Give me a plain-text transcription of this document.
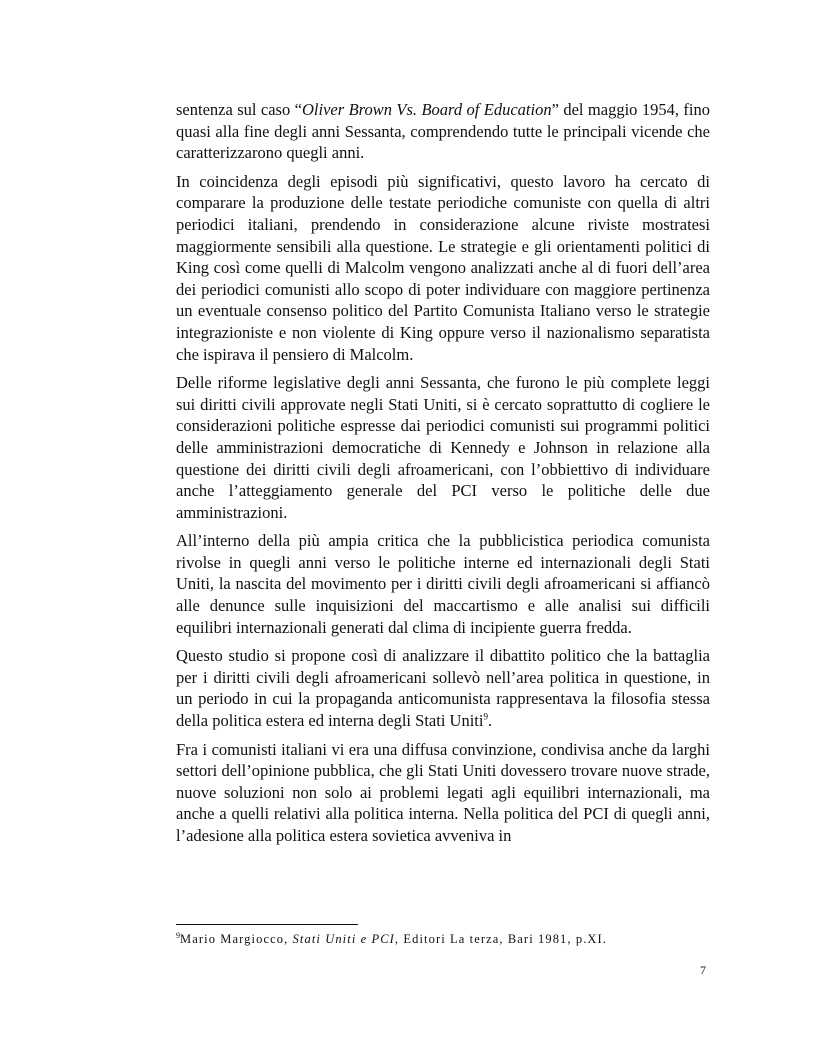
sentenza sul caso “Oliver Brown Vs. Board of Education” del maggio 1954, fino quasi alla fine degli anni Sessanta, comprendendo tutte le principali vicende che caratterizzarono quegli anni.

In coincidenza degli episodi più significativi, questo lavoro ha cercato di comparare la produzione delle testate periodiche comuniste con quella di altri periodici italiani, prendendo in considerazione alcune riviste mostratesi maggiormente sensibili alla questione. Le strategie e gli orientamenti politici di King così come quelli di Malcolm vengono analizzati anche al di fuori dell’area dei periodici comunisti allo scopo di poter individuare con maggiore pertinenza un eventuale consenso politico del Partito Comunista Italiano verso le strategie integrazioniste e non violente di King oppure verso il nazionalismo separatista che ispirava il pensiero di Malcolm.

Delle riforme legislative degli anni Sessanta, che furono le più complete leggi sui diritti civili approvate negli Stati Uniti, si è cercato soprattutto di cogliere le considerazioni politiche espresse dai periodici comunisti sui programmi politici delle amministrazioni democratiche di Kennedy e Johnson in relazione alla questione dei diritti civili degli afroamericani, con l’obbiettivo di individuare anche l’atteggiamento generale del PCI verso le politiche delle due amministrazioni.

All’interno della più ampia critica che la pubblicistica periodica comunista rivolse in quegli anni verso le politiche interne ed internazionali degli Stati Uniti, la nascita del movimento per i diritti civili degli afroamericani si affiancò alle denunce sulle inquisizioni del maccartismo e alle analisi sui difficili equilibri internazionali generati dal clima di incipiente guerra fredda.

Questo studio si propone così di analizzare il dibattito politico che la battaglia per i diritti civili degli afroamericani sollevò nell’area politica in questione, in un periodo in cui la propaganda anticomunista rappresentava la filosofia stessa della politica estera ed interna degli Stati Uniti$^9$.

Fra i comunisti italiani vi era una diffusa convinzione, condivisa anche da larghi settori dell’opinione pubblica, che gli Stati Uniti dovessero trovare nuove strade, nuove soluzioni non solo ai problemi legati agli equilibri internazionali, ma anche a quelli relativi alla politica interna. Nella politica del PCI di quegli anni, l’adesione alla politica estera sovietica avveniva in

$^9$Mario Margiocco, Stati Uniti e PCI, Editori La terza, Bari 1981, p.XI.
7
